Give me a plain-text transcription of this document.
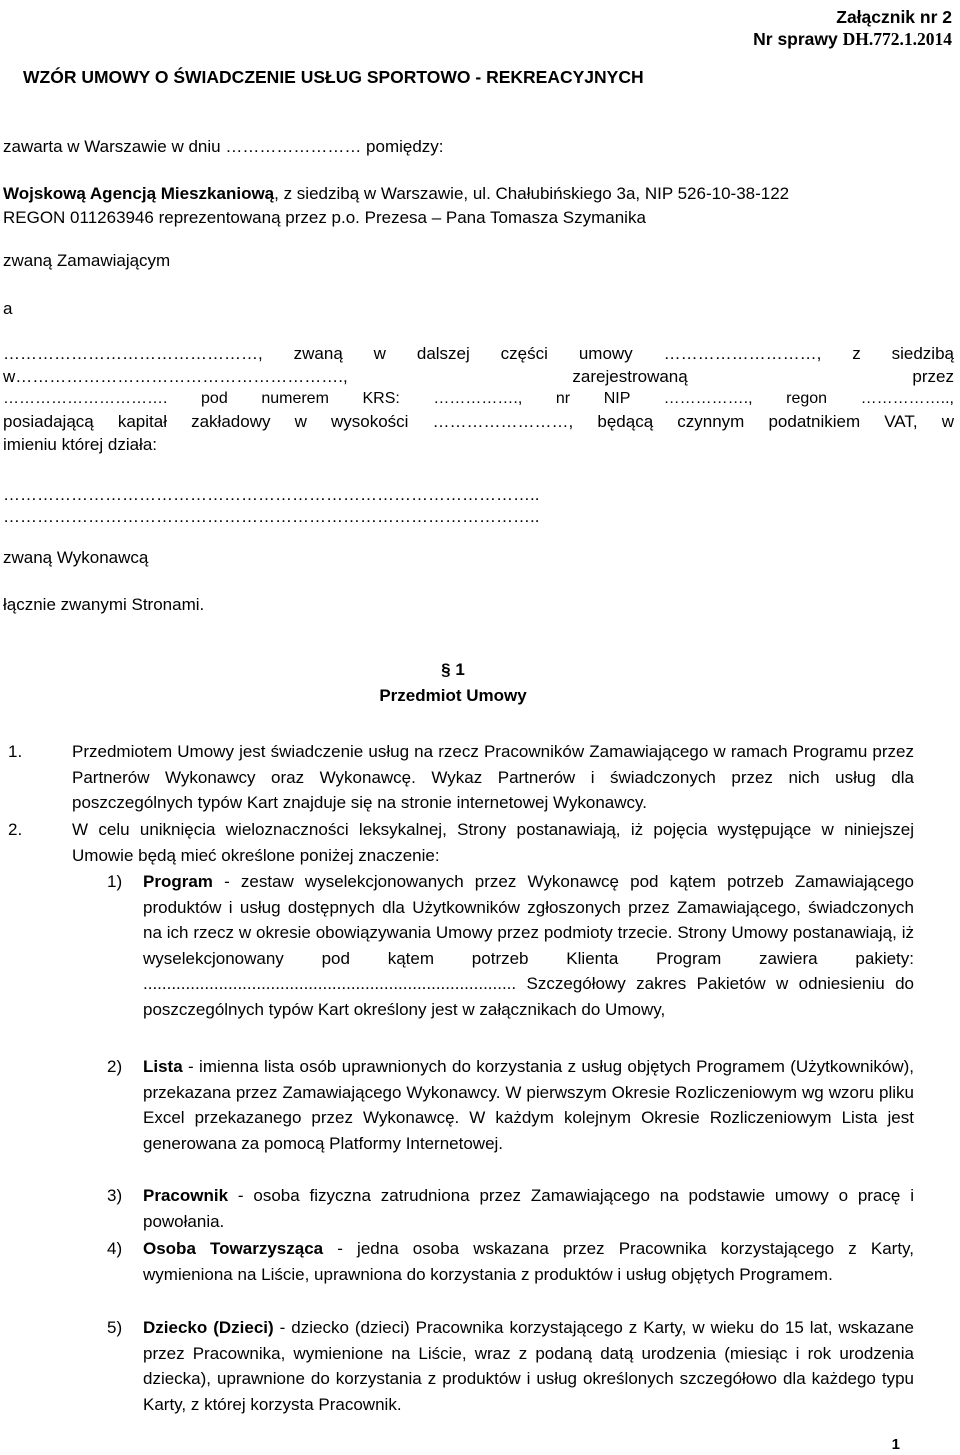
Załącznik nr 2
Nr sprawy DH.772.1.2014
WZÓR UMOWY O ŚWIADCZENIE USŁUG SPORTOWO - REKREACYJNYCH
zawarta w Warszawie w dniu …………………… pomiędzy:
Wojskową Agencją Mieszkaniową, z siedzibą w Warszawie, ul. Chałubińskiego 3a, NIP 526-10-38-122
REGON 011263946 reprezentowaną przez p.o. Prezesa – Pana Tomasza Szymanika
zwaną Zamawiającym
a
………………………………………, zwaną w dalszej części umowy ………………………, z siedzibą
w…………………………………………………., zarejestrowaną przez
…………………………. pod numerem KRS: ……………., nr NIP ……………., regon ……………..,
posiadającą kapitał zakładowy w wysokości ……………………, będącą czynnym podatnikiem VAT, w
imieniu której działa:
…………………………………………………………………………………..
…………………………………………………………………………………..
zwaną Wykonawcą
łącznie zwanymi Stronami.
§ 1
Przedmiot Umowy
1.	Przedmiotem Umowy jest świadczenie usług na rzecz Pracowników Zamawiającego w ramach Programu przez Partnerów Wykonawcy oraz Wykonawcę. Wykaz Partnerów i świadczonych przez nich usług dla poszczególnych typów Kart znajduje się na stronie internetowej Wykonawcy.
2.	W celu uniknięcia wieloznaczności leksykalnej, Strony postanawiają, iż pojęcia występujące w niniejszej Umowie będą mieć określone poniżej znaczenie:
1) Program - zestaw wyselekcjonowanych przez Wykonawcę pod kątem potrzeb Zamawiającego produktów i usług dostępnych dla Użytkowników zgłoszonych przez Zamawiającego, świadczonych na ich rzecz w okresie obowiązywania Umowy przez podmioty trzecie. Strony Umowy postanawiają, iż wyselekcjonowany pod kątem potrzeb Klienta Program zawiera pakiety: ............................................................................... Szczegółowy zakres Pakietów w odniesieniu do poszczególnych typów Kart określony jest w załącznikach do Umowy,
2) Lista - imienna lista osób uprawnionych do korzystania z usług objętych Programem (Użytkowników), przekazana przez Zamawiającego Wykonawcy. W pierwszym Okresie Rozliczeniowym wg wzoru pliku Excel przekazanego przez Wykonawcę. W każdym kolejnym Okresie Rozliczeniowym Lista jest generowana za pomocą Platformy Internetowej.
3) Pracownik - osoba fizyczna zatrudniona przez Zamawiającego na podstawie umowy o pracę i powołania.
4) Osoba Towarzysząca - jedna osoba wskazana przez Pracownika korzystającego z Karty, wymieniona na Liście, uprawniona do korzystania z produktów i usług objętych Programem.
5) Dziecko (Dzieci) - dziecko (dzieci) Pracownika korzystającego z Karty, w wieku do 15 lat, wskazane przez Pracownika, wymienione na Liście, wraz z podaną datą urodzenia (miesiąc i rok urodzenia dziecka), uprawnione do korzystania z produktów i usług określonych szczegółowo dla każdego typu Karty, z której korzysta Pracownik.
1
